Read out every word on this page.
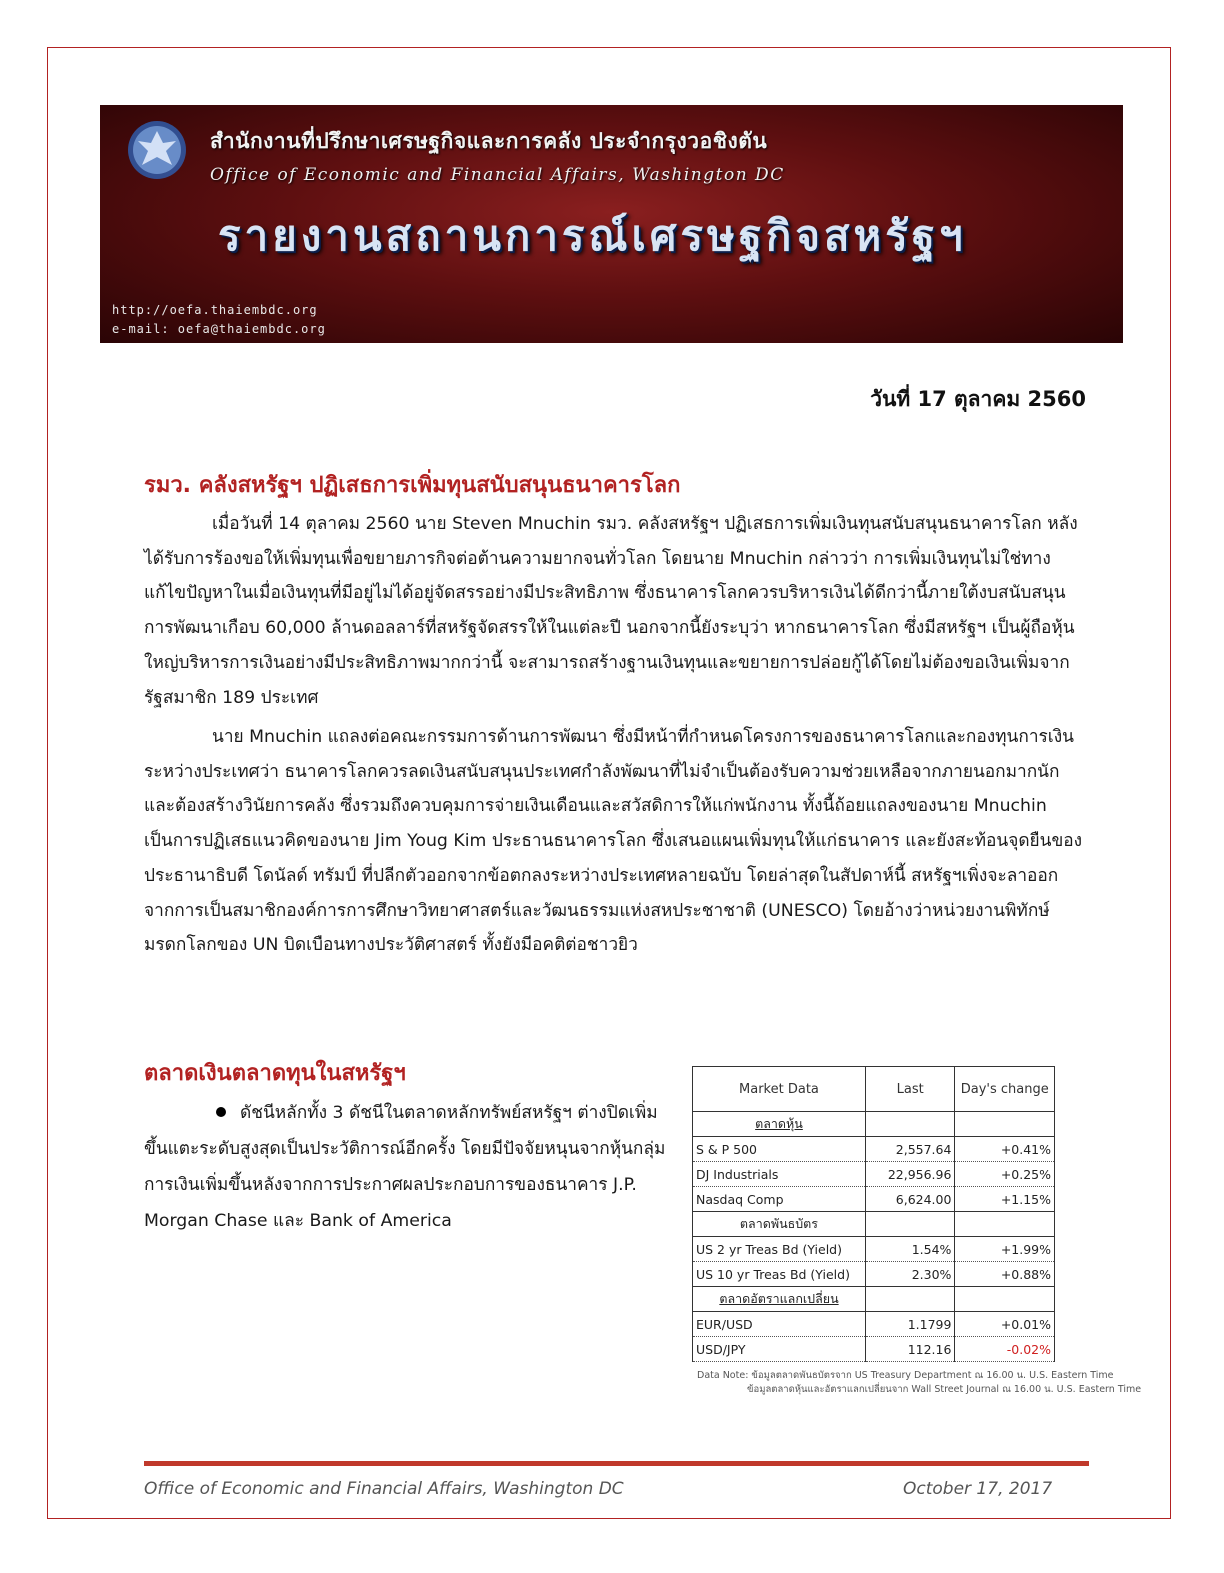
สำนักงานที่ปรึกษาเศรษฐกิจและการคลัง ประจำกรุงวอชิงตัน
Office of Economic and Financial Affairs, Washington DC
รายงานสถานการณ์เศรษฐกิจสหรัฐฯ
http://oefa.thaiembdc.org
e-mail: oefa@thaiembdc.org
วันที่ 17 ตุลาคม 2560
รมว. คลังสหรัฐฯ ปฏิเสธการเพิ่มทุนสนับสนุนธนาคารโลก

เมื่อวันที่ 14 ตุลาคม 2560 นาย Steven Mnuchin รมว. คลังสหรัฐฯ ปฏิเสธการเพิ่มเงินทุนสนับสนุนธนาคารโลก หลังได้รับการร้องขอให้เพิ่มทุนเพื่อขยายภารกิจต่อต้านความยากจนทั่วโลก โดยนาย Mnuchin กล่าวว่า การเพิ่มเงินทุนไม่ใช่ทางแก้ไขปัญหาในเมื่อเงินทุนที่มีอยู่ไม่ได้อยู่จัดสรรอย่างมีประสิทธิภาพ ซึ่งธนาคารโลกควรบริหารเงินได้ดีกว่านี้ภายใต้งบสนับสนุนการพัฒนาเกือบ 60,000 ล้านดอลลาร์ที่สหรัฐจัดสรรให้ในแต่ละปี นอกจากนี้ยังระบุว่า หากธนาคารโลก ซึ่งมีสหรัฐฯ เป็นผู้ถือหุ้นใหญ่บริหารการเงินอย่างมีประสิทธิภาพมากกว่านี้ จะสามารถสร้างฐานเงินทุนและขยายการปล่อยกู้ได้โดยไม่ต้องขอเงินเพิ่มจากรัฐสมาชิก 189 ประเทศ

นาย Mnuchin แถลงต่อคณะกรรมการด้านการพัฒนา ซึ่งมีหน้าที่กำหนดโครงการของธนาคารโลกและกองทุนการเงินระหว่างประเทศว่า ธนาคารโลกควรลดเงินสนับสนุนประเทศกำลังพัฒนาที่ไม่จำเป็นต้องรับความช่วยเหลือจากภายนอกมากนัก และต้องสร้างวินัยการคลัง ซึ่งรวมถึงควบคุมการจ่ายเงินเดือนและสวัสดิการให้แก่พนักงาน ทั้งนี้ถ้อยแถลงของนาย Mnuchin เป็นการปฏิเสธแนวคิดของนาย Jim Youg Kim ประธานธนาคารโลก ซึ่งเสนอแผนเพิ่มทุนให้แก่ธนาคาร และยังสะท้อนจุดยืนของประธานาธิบดี โดนัลด์ ทรัมป์ ที่ปลีกตัวออกจากข้อตกลงระหว่างประเทศหลายฉบับ โดยล่าสุดในสัปดาห์นี้ สหรัฐฯเพิ่งจะลาออกจากการเป็นสมาชิกองค์การการศึกษาวิทยาศาสตร์และวัฒนธรรมแห่งสหประชาชาติ (UNESCO) โดยอ้างว่าหน่วยงานพิทักษ์มรดกโลกของ UN บิดเบือนทางประวัติศาสตร์ ทั้งยังมีอคติต่อชาวยิว

ตลาดเงินตลาดทุนในสหรัฐฯ

ดัชนีหลักทั้ง 3 ดัชนีในตลาดหลักทรัพย์สหรัฐฯ ต่างปิดเพิ่มขึ้นแตะระดับสูงสุดเป็นประวัติการณ์อีกครั้ง โดยมีปัจจัยหนุนจากหุ้นกลุ่มการเงินเพิ่มขึ้นหลังจากการประกาศผลประกอบการของธนาคาร J.P. Morgan Chase และ Bank of America

Market Data	Last	Day's change
ตลาดหุ้น		
S & P 500	2,557.64	+0.41%
DJ Industrials	22,956.96	+0.25%
Nasdaq Comp	6,624.00	+1.15%
ตลาดพันธบัตร		
US 2 yr Treas Bd (Yield)	1.54%	+1.99%
US 10 yr Treas Bd (Yield)	2.30%	+0.88%
ตลาดอัตราแลกเปลี่ยน		
EUR/USD	1.1799	+0.01%
USD/JPY	112.16	-0.02%
Data Note: ข้อมูลตลาดพันธบัตรจาก US Treasury Department ณ 16.00 น. U.S. Eastern Time
ข้อมูลตลาดหุ้นและอัตราแลกเปลี่ยนจาก Wall Street Journal ณ 16.00 น. U.S. Eastern Time
Office of Economic and Financial Affairs, Washington DC	October 17, 2017
